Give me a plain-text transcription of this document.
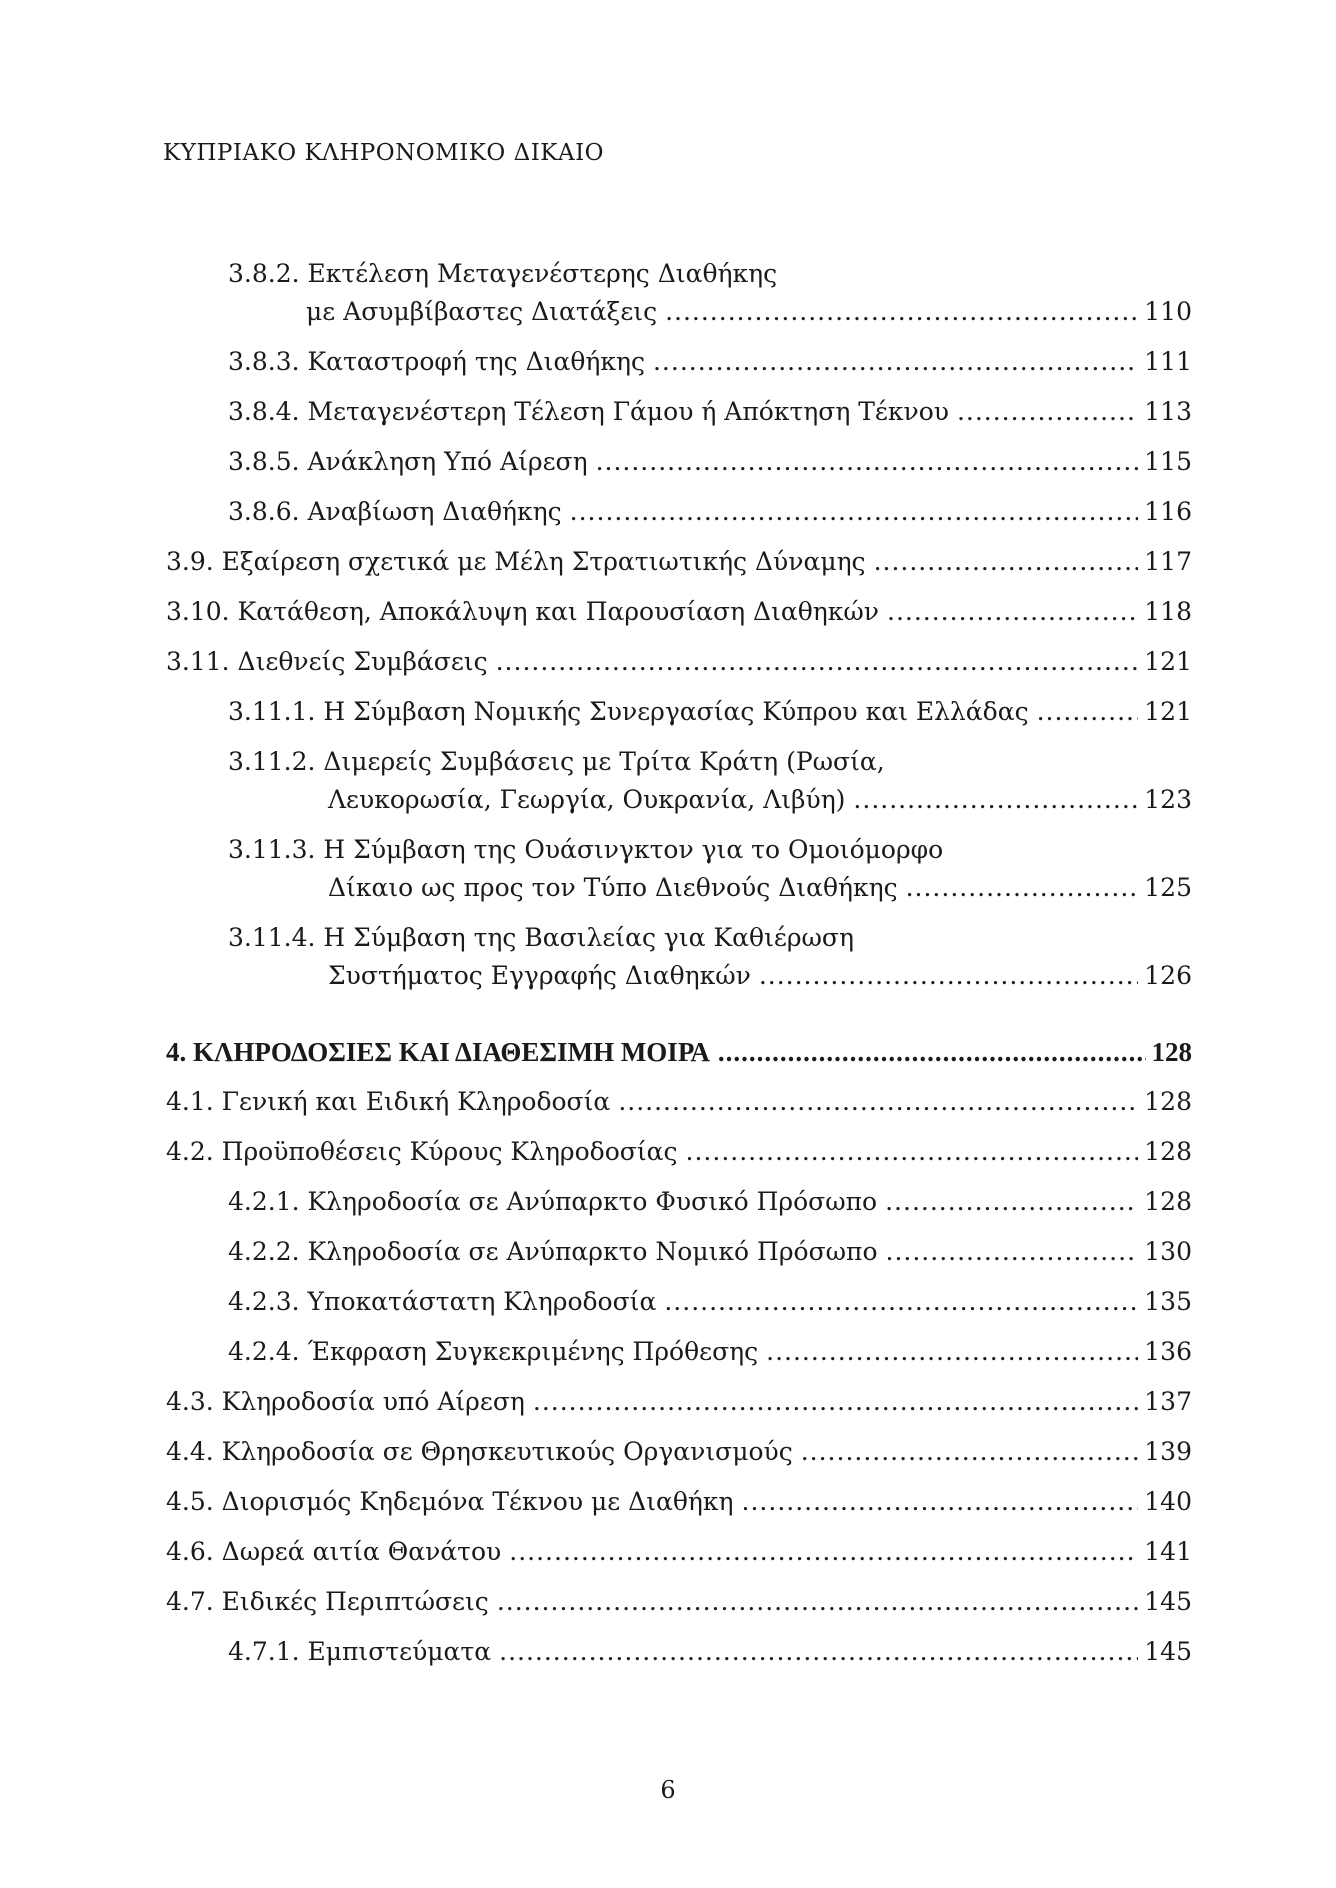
ΚΥΠΡΙΑΚΟ ΚΛΗΡΟΝΟΜΙΚΟ ΔΙΚΑΙΟ
3.8.2. Εκτέλεση Μεταγενέστερης Διαθήκης
με Ασυμβίβαστες Διατάξεις .....	110
3.8.3. Καταστροφή της Διαθήκης .....	111
3.8.4. Μεταγενέστερη Τέλεση Γάμου ή Απόκτηση Τέκνου .....	113
3.8.5. Ανάκληση Υπό Αίρεση .....	115
3.8.6. Αναβίωση Διαθήκης .....	116
3.9. Εξαίρεση σχετικά με Μέλη Στρατιωτικής Δύναμης .....	117
3.10. Κατάθεση, Αποκάλυψη και Παρουσίαση Διαθηκών .....	118
3.11. Διεθνείς Συμβάσεις .....	121
3.11.1. Η Σύμβαση Νομικής Συνεργασίας Κύπρου και Ελλάδας .....	121
3.11.2. Διμερείς Συμβάσεις με Τρίτα Κράτη (Ρωσία,
Λευκορωσία, Γεωργία, Ουκρανία, Λιβύη) .....	123
3.11.3. Η Σύμβαση της Ουάσινγκτον για το Ομοιόμορφο
Δίκαιο ως προς τον Τύπο Διεθνούς Διαθήκης .....	125
3.11.4. Η Σύμβαση της Βασιλείας για Καθιέρωση
Συστήματος Εγγραφής Διαθηκών .....	126
4. ΚΛΗΡΟΔΟΣΙΕΣ ΚΑΙ ΔΙΑΘΕΣΙΜΗ ΜΟΙΡΑ .....	128
4.1. Γενική και Ειδική Κληροδοσία .....	128
4.2. Προϋποθέσεις Κύρους Κληροδοσίας .....	128
4.2.1. Κληροδοσία σε Ανύπαρκτο Φυσικό Πρόσωπο .....	128
4.2.2. Κληροδοσία σε Ανύπαρκτο Νομικό Πρόσωπο .....	130
4.2.3. Υποκατάστατη Κληροδοσία .....	135
4.2.4. Έκφραση Συγκεκριμένης Πρόθεσης .....	136
4.3. Κληροδοσία υπό Αίρεση .....	137
4.4. Κληροδοσία σε Θρησκευτικούς Οργανισμούς .....	139
4.5. Διορισμός Κηδεμόνα Τέκνου με Διαθήκη .....	140
4.6. Δωρεά αιτία Θανάτου .....	141
4.7. Ειδικές Περιπτώσεις .....	145
4.7.1. Εμπιστεύματα .....	145
6
